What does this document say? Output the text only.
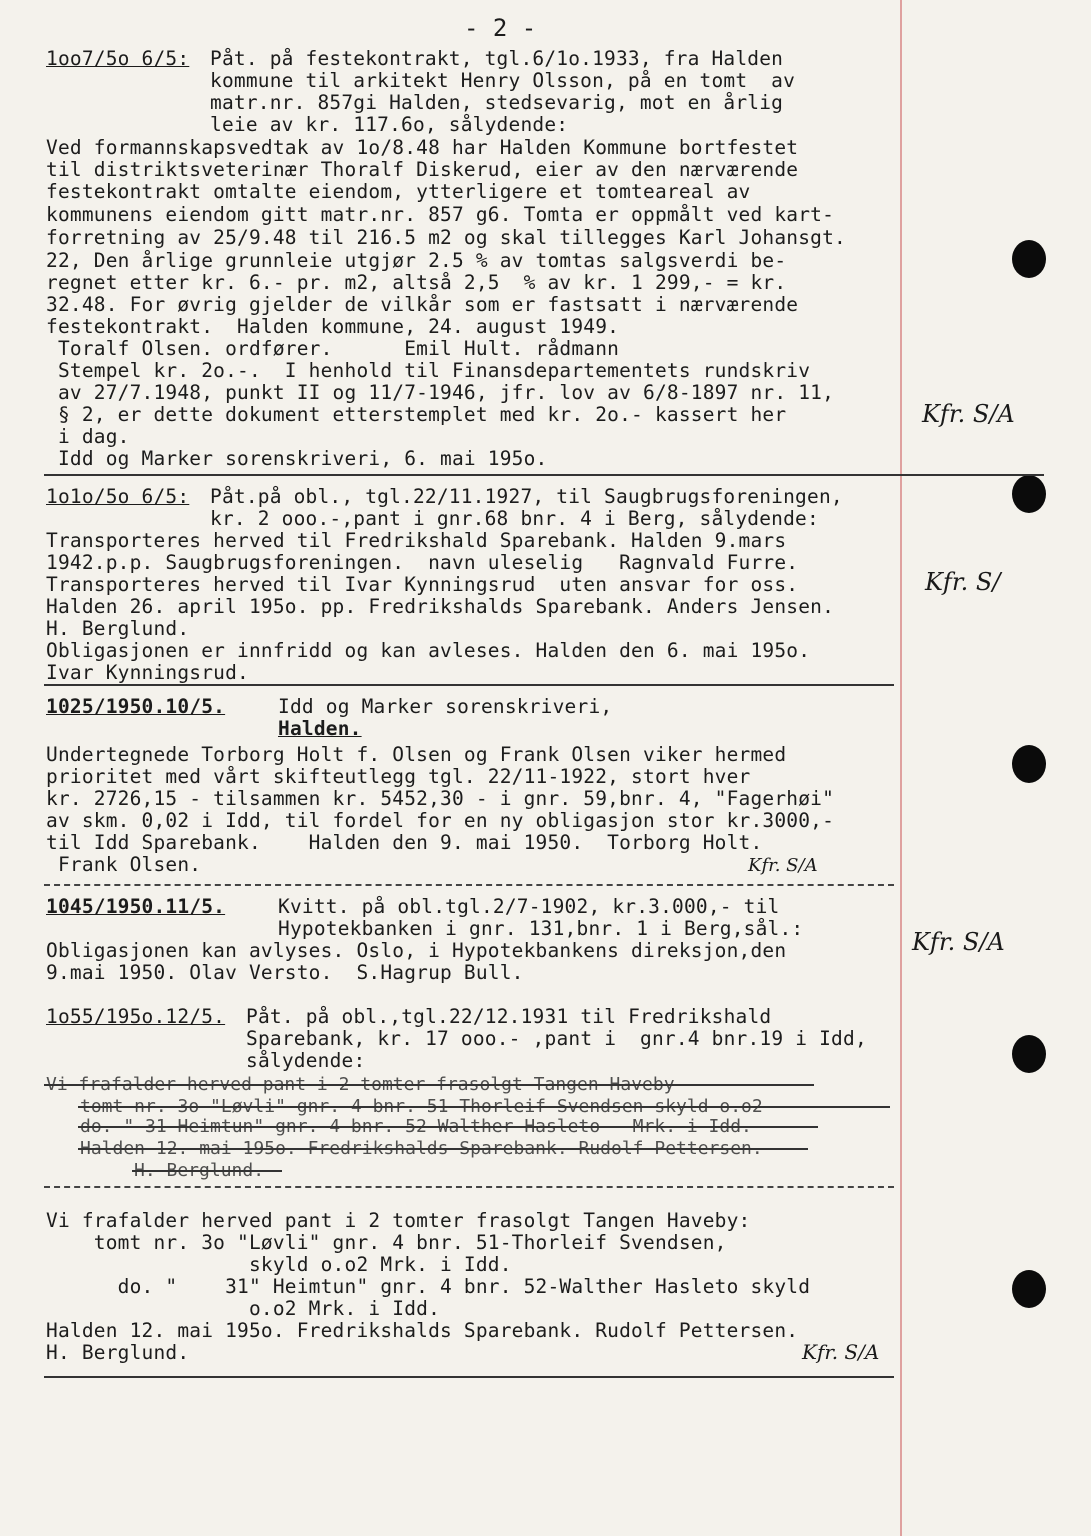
- 2 -
1oo7/5o 6/5: Påt. på festekontrakt, tgl.6/1o.1933, fra Halden
kommune til arkitekt Henry Olsson, på en tomt  av
matr.nr. 857gi Halden, stedsevarig, mot en årlig
leie av kr. 117.6o, sålydende:
Ved formannskapsvedtak av 1o/8.48 har Halden Kommune bortfestet
til distriktsveterinær Thoralf Diskerud, eier av den nærværende
festekontrakt omtalte eiendom, ytterligere et tomteareal av
kommunens eiendom gitt matr.nr. 857 g6. Tomta er oppmålt ved kart-
forretning av 25/9.48 til 216.5 m2 og skal tillegges Karl Johansgt.
22, Den årlige grunnleie utgjør 2.5 % av tomtas salgsverdi be-
regnet etter kr. 6.- pr. m2, altså 2,5  % av kr. 1 299,- = kr.
32.48. For øvrig gjelder de vilkår som er fastsatt i nærværende
festekontrakt.  Halden kommune, 24. august 1949.
Toralf Olsen. ordfører.      Emil Hult. rådmann
Stempel kr. 2o.-.  I henhold til Finansdepartementets rundskriv
av 27/7.1948, punkt II og 11/7-1946, jfr. lov av 6/8-1897 nr. 11,
§ 2, er dette dokument etterstemplet med kr. 2o.- kassert her
i dag.
Idd og Marker sorenskriveri, 6. mai 195o.
Kfr. S/A
1o1o/5o 6/5: Påt.på obl., tgl.22/11.1927, til Saugbrugsforeningen,
kr. 2 ooo.-,pant i gnr.68 bnr. 4 i Berg, sålydende:
Transporteres herved til Fredrikshald Sparebank. Halden 9.mars
1942.p.p. Saugbrugsforeningen.  navn uleselig   Ragnvald Furre.
Transporteres herved til Ivar Kynningsrud  uten ansvar for oss.
Halden 26. april 195o. pp. Fredrikshalds Sparebank. Anders Jensen.
H. Berglund.
Obligasjonen er innfridd og kan avleses. Halden den 6. mai 195o.
Ivar Kynningsrud.
Kfr. S/
1025/1950.10/5.	Idd og Marker sorenskriveri,
Halden.
Undertegnede Torborg Holt f. Olsen og Frank Olsen viker hermed
prioritet med vårt skifteutlegg tgl. 22/11-1922, stort hver
kr. 2726,15 - tilsammen kr. 5452,30 - i gnr. 59,bnr. 4, "Fagerhøi"
av skm. 0,02 i Idd, til fordel for en ny obligasjon stor kr.3000,-
til Idd Sparebank.    Halden den 9. mai 1950.  Torborg Holt.
Frank Olsen.	Kfr. S/A
1045/1950.11/5.	Kvitt. på obl.tgl.2/7-1902, kr.3.000,- til
Hypotekbanken i gnr. 131,bnr. 1 i Berg,sål.:
Obligasjonen kan avlyses. Oslo, i Hypotekbankens direksjon,den
9.mai 1950. Olav Versto.  S.Hagrup Bull.
Kfr. S/A
1o55/195o.12/5. Påt. på obl.,tgl.22/12.1931 til Fredrikshald
Sparebank, kr. 17 ooo.- ,pant i  gnr.4 bnr.19 i Idd,
sålydende:
Vi frafalder herved pant i 2 tomter frasolgt Tangen Haveby
tomt nr. 3o "Løvli" gnr. 4 bnr. 51-Thorleif Svendsen skyld o.o2
do. " 31 Heimtun" gnr. 4 bnr. 52-Walther Hasleto   Mrk. i Idd.
Halden 12. mai 195o. Fredrikshalds Sparebank. Rudolf Pettersen.
H. Berglund.
Vi frafalder herved pant i 2 tomter frasolgt Tangen Haveby:
tomt nr. 3o "Løvli" gnr. 4 bnr. 51-Thorleif Svendsen,
skyld o.o2 Mrk. i Idd.
do. "    31" Heimtun" gnr. 4 bnr. 52-Walther Hasleto skyld
o.o2 Mrk. i Idd.
Halden 12. mai 195o. Fredrikshalds Sparebank. Rudolf Pettersen.
H. Berglund.	Kfr. S/A
